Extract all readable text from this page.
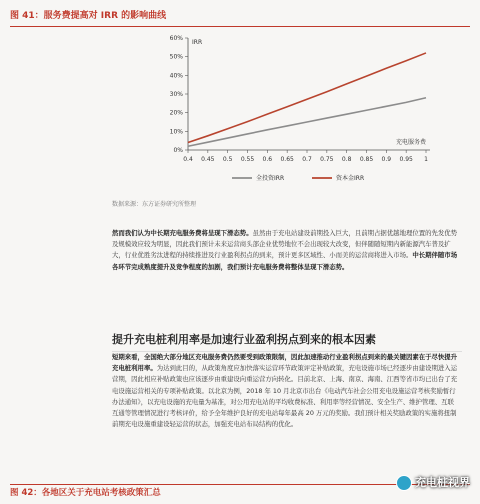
图 41：服务费提高对 IRR 的影响曲线
0%
10%
20%
30%
40%
50%
60%
0.4 0.45 0.5 0.55 0.6 0.65 0.7 0.75 0.8 0.85 0.9 0.95 1
IRR
充电服务费
全投资IRR	资本金IRR
数据来源：东方证券研究所整理
然而我们认为中长期充电服务费将呈现下滑态势。虽然由于充电站建设前期投入巨大，且前期占据优越地理位置的先发优势及规模效应较为明显，因此我们预计未来运营商头部企业优势地位不会出现较大改变，但伴随随短期内新能源汽车普及扩大，行业优胜劣汰进程的持续推进及行业盈利拐点的到来，预计更多区域性、小而美的运营商将进入市场。中长期伴随市场各环节完成熟度提升及竞争程度的加剧，我们预计充电服务费将整体呈现下滑态势。
提升充电桩利用率是加速行业盈利拐点到来的根本因素
短期来看，全国绝大部分地区充电服务费仍然要受到政策限制，因此加速推动行业盈利拐点到来的最关键因素在于尽快提升充电桩利用率。为达到此目的，从政策角度应加快落实运营环节政策评定补贴政策，充电设施市场已经逐步由建设期进入运营期，因此相应补贴政策也应该逐步由重建设向重运营方向转化。目前北京、上海、南京、海南、江西等省市均已出台了充电设施运营相关的专项补贴政策。以北京为例，2018 年 10 月北京市出台《电动汽车社会公用充电设施运营考核奖励暂行办法通知》，以充电设施的充电量为基准，对公用充电站的平均收费标准、利用率等经营情况、安全生产、维护管理、互联互通等管理情况进行考核评价，给予全年维护良好的充电站每年最高 20 万元的奖励。我们预计相关奖励政策的实施将扭制前期充电设施重建设轻运营的状态，加强充电站布局结构的优化。
图 42：各地区关于充电站考核政策汇总
充电桩视界
